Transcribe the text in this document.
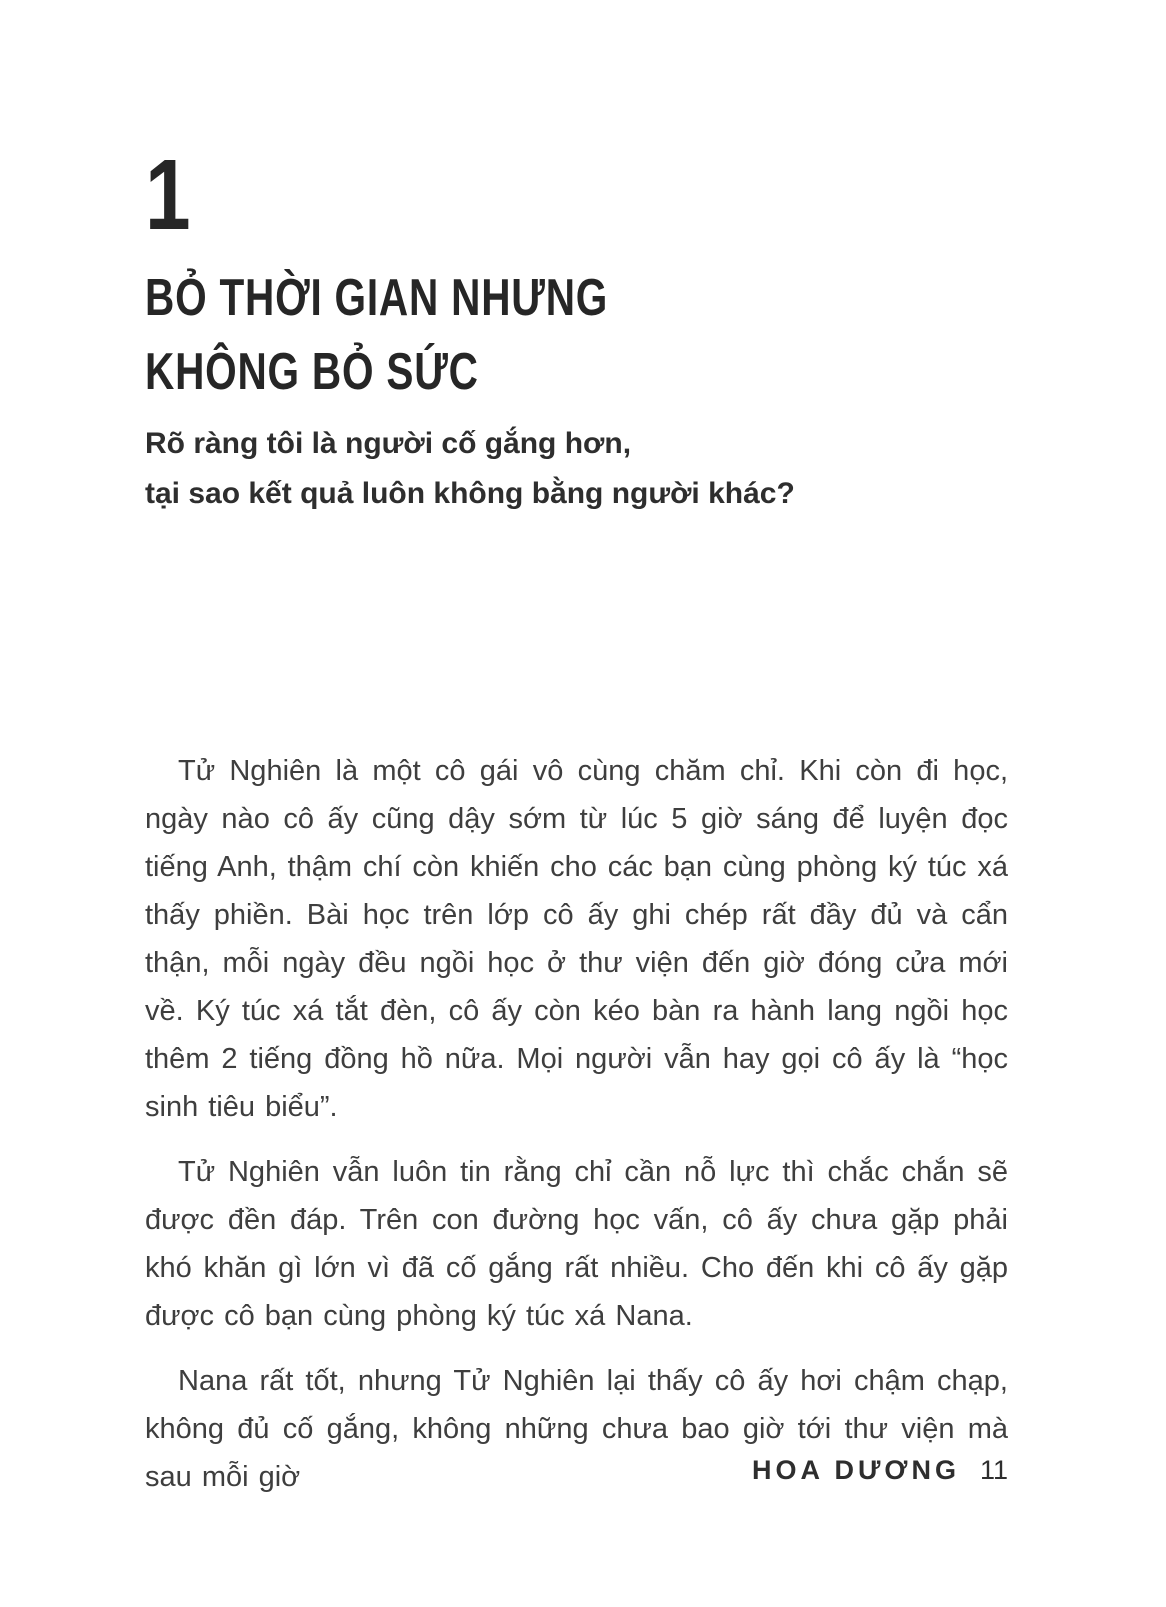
1
BỎ THỜI GIAN NHƯNG
KHÔNG BỎ SỨC

Rõ ràng tôi là người cố gắng hơn,
tại sao kết quả luôn không bằng người khác?

Tử Nghiên là một cô gái vô cùng chăm chỉ. Khi còn đi học, ngày nào cô ấy cũng dậy sớm từ lúc 5 giờ sáng để luyện đọc tiếng Anh, thậm chí còn khiến cho các bạn cùng phòng ký túc xá thấy phiền. Bài học trên lớp cô ấy ghi chép rất đầy đủ và cẩn thận, mỗi ngày đều ngồi học ở thư viện đến giờ đóng cửa mới về. Ký túc xá tắt đèn, cô ấy còn kéo bàn ra hành lang ngồi học thêm 2 tiếng đồng hồ nữa. Mọi người vẫn hay gọi cô ấy là “học sinh tiêu biểu”.

Tử Nghiên vẫn luôn tin rằng chỉ cần nỗ lực thì chắc chắn sẽ được đền đáp. Trên con đường học vấn, cô ấy chưa gặp phải khó khăn gì lớn vì đã cố gắng rất nhiều. Cho đến khi cô ấy gặp được cô bạn cùng phòng ký túc xá Nana.

Nana rất tốt, nhưng Tử Nghiên lại thấy cô ấy hơi chậm chạp, không đủ cố gắng, không những chưa bao giờ tới thư viện mà sau mỗi giờ	HOA DƯƠNG 11
